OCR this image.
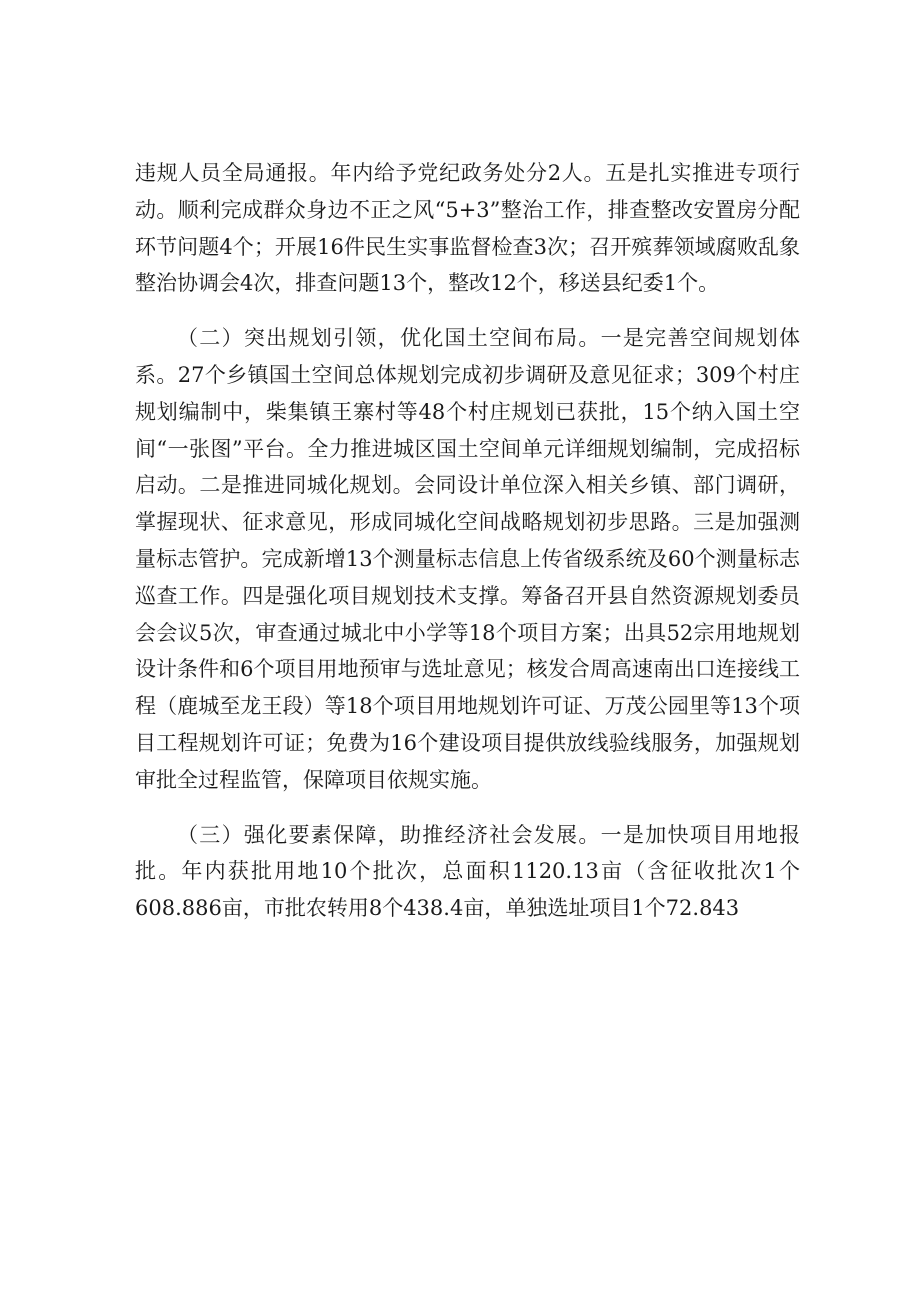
违规人员全局通报。年内给予党纪政务处分2人。五是扎实推进专项行动。顺利完成群众身边不正之风“5+3”整治工作，排查整改安置房分配环节问题4个；开展16件民生实事监督检查3次；召开殡葬领域腐败乱象整治协调会4次，排查问题13个，整改12个，移送县纪委1个。

（二）突出规划引领，优化国土空间布局。一是完善空间规划体系。27个乡镇国土空间总体规划完成初步调研及意见征求；309个村庄规划编制中，柴集镇王寨村等48个村庄规划已获批，15个纳入国土空间“一张图”平台。全力推进城区国土空间单元详细规划编制，完成招标启动。二是推进同城化规划。会同设计单位深入相关乡镇、部门调研，掌握现状、征求意见，形成同城化空间战略规划初步思路。三是加强测量标志管护。完成新增13个测量标志信息上传省级系统及60个测量标志巡查工作。四是强化项目规划技术支撑。筹备召开县自然资源规划委员会会议5次，审查通过城北中小学等18个项目方案；出具52宗用地规划设计条件和6个项目用地预审与选址意见；核发合周高速南出口连接线工程（鹿城至龙王段）等18个项目用地规划许可证、万茂公园里等13个项目工程规划许可证；免费为16个建设项目提供放线验线服务，加强规划审批全过程监管，保障项目依规实施。

（三）强化要素保障，助推经济社会发展。一是加快项目用地报批。年内获批用地10个批次，总面积1120.13亩（含征收批次1个608.886亩，市批农转用8个438.4亩，单独选址项目1个72.843
